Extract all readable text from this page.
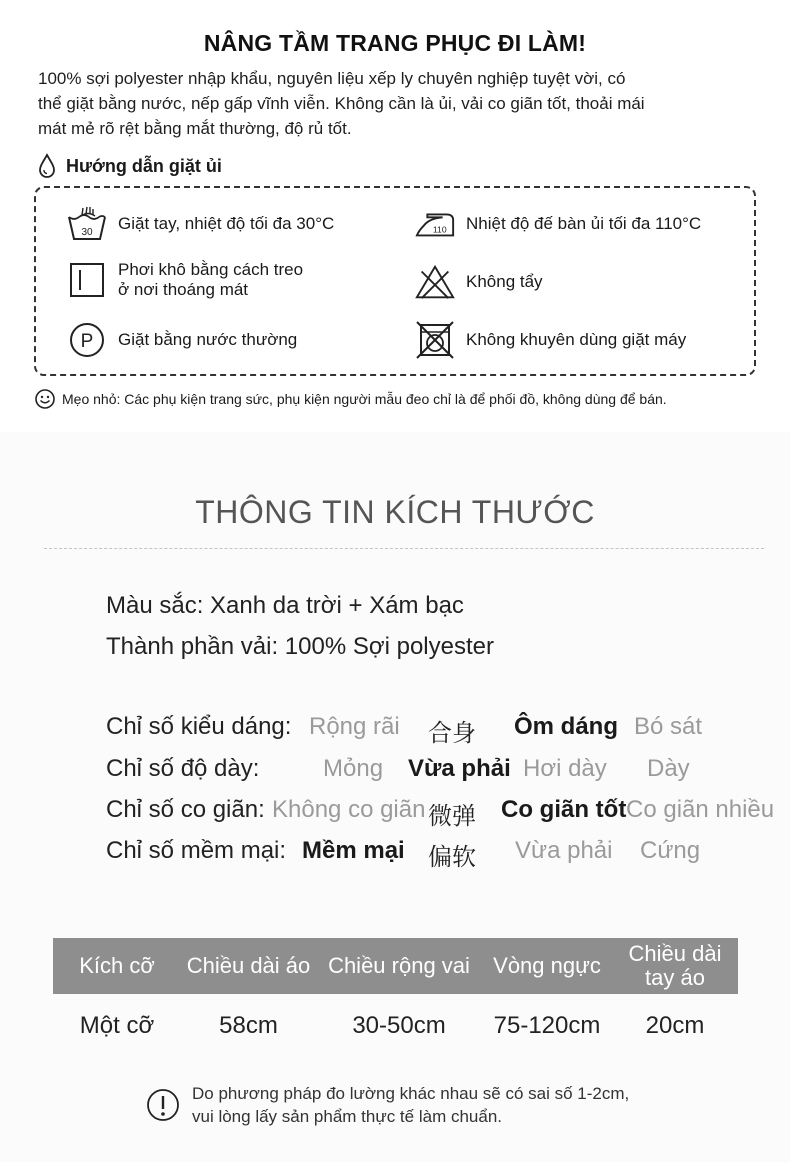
NÂNG TẦM TRANG PHỤC ĐI LÀM!
100% sợi polyester nhập khẩu, nguyên liệu xếp ly chuyên nghiệp tuyệt vời, có
thể giặt bằng nước, nếp gấp vĩnh viễn. Không cần là ủi, vải co giãn tốt, thoải mái
mát mẻ rõ rệt bằng mắt thường, độ rủ tốt.
Hướng dẫn giặt ủi
30 Giặt tay, nhiệt độ tối đa 30°C	110 Nhiệt độ đế bàn ủi tối đa 110°C
Phơi khô bằng cách treo
ở nơi thoáng mát	Không tẩy
P Giặt bằng nước thường	Không khuyên dùng giặt máy
Mẹo nhỏ: Các phụ kiện trang sức, phụ kiện người mẫu đeo chỉ là để phối đồ, không dùng để bán.
THÔNG TIN KÍCH THƯỚC
Màu sắc: Xanh da trời + Xám bạc
Thành phần vải: 100% Sợi polyester
Chỉ số kiểu dáng: Rộng rãi 合身 Ôm dáng Bó sát
Chỉ số độ dày:	Mỏng Vừa phải Hơi dày Dày
Chỉ số co giãn: Không co giãn 微弹 Co giãn tốt Co giãn nhiều
Chỉ số mềm mại: Mềm mại 偏软 Vừa phải Cứng
Kích cỡ	Chiều dài áo Chiều rộng vai	Vòng ngực	Chiều dài
tay áo
Một cỡ	58cm	30-50cm	75-120cm	20cm
Do phương pháp đo lường khác nhau sẽ có sai số 1-2cm,
vui lòng lấy sản phẩm thực tế làm chuẩn.
